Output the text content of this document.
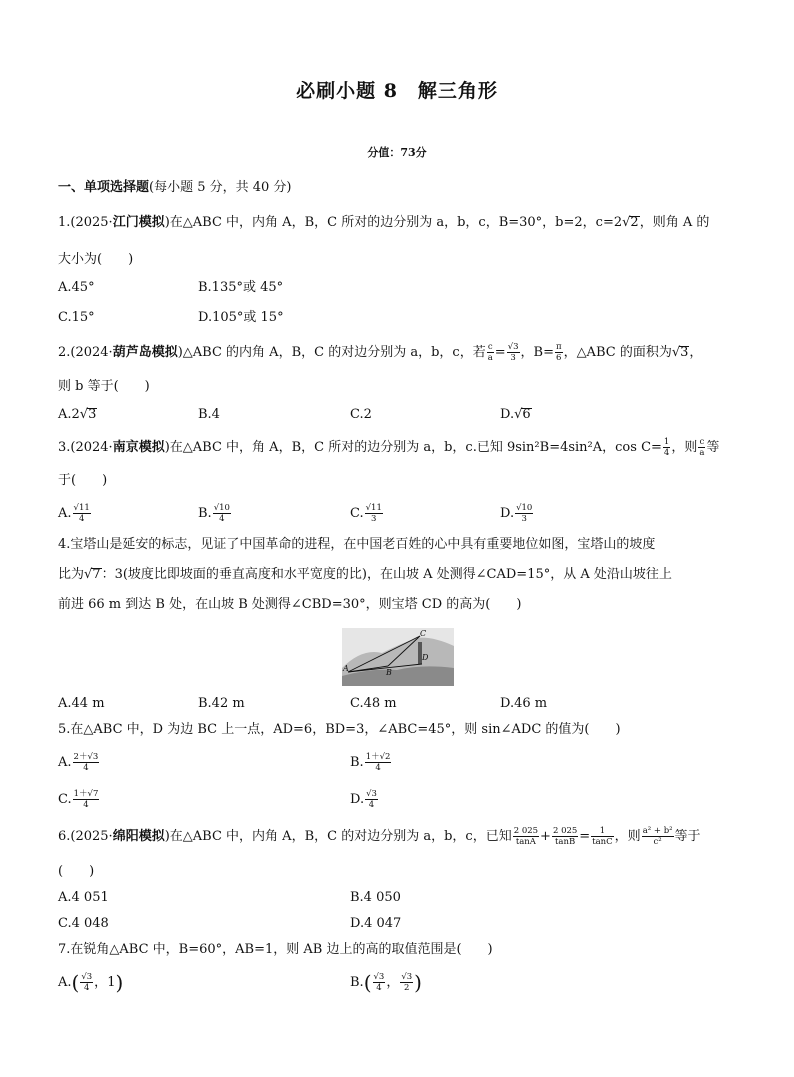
必刷小题 8　解三角形
分值：73分
一、单项选择题(每小题 5 分，共 40 分)
1.(2025·江门模拟)在△ABC 中，内角 A，B，C 所对的边分别为 a，b，c，B=30°，b=2，c=2√2，则角 A 的
大小为(　　)
A.45°	B.135°或 45°
C.15°	D.105°或 15°
2.(2024·葫芦岛模拟)△ABC 的内角 A，B，C 的对边分别为 a，b，c，若 $\frac{c}{a} = \frac{√3}{3}$ ，$B= \frac{\pi}{6}$ ，△ABC 的面积为√3，
则 b 等于(　　)
A.2√3	B.4	C.2	D.√6
3.(2024·南京模拟)在△ABC 中，角 A，B，C 所对的边分别为 a，b，c.已知 9sin²B=4sin²A，$\cos C= \frac{1}{4}$ ，则 $\frac{c}{a}$ 等
于(　　)
A. $\frac{√11}{4}$	B. $\frac{√10}{4}$	C. $\frac{√11}{3}$	D. $\frac{√10}{3}$
4.宝塔山是延安的标志，见证了中国革命的进程，在中国老百姓的心中具有重要地位如图，宝塔山的坡度
比为√7：3(坡度比即坡面的垂直高度和水平宽度的比)，在山坡 A 处测得∠CAD=15°，从 A 处沿山坡往上
前进 66 m 到达 B 处，在山坡 B 处测得∠CBD=30°，则宝塔 CD 的高为(　　)
A	B
C
D
A.44 m	B.42 m	C.48 m	D.46 m
5.在△ABC 中，D 为边 BC 上一点，AD=6，BD=3，∠ABC=45°，则 sin∠ADC 的值为(　　)
A. $\frac{2+√3}{4}$	B. $\frac{1+√2}{4}$
C. $\frac{1+√7}{4}$	D. $\frac{√3}{4}$
6.(2025·绵阳模拟)在△ABC 中，内角 A，B，C 的对边分别为 a，b，c，已知 $\frac{2 025}{\tan A} + \frac{2 025}{\tan B} = \frac{1}{\tan C}$ ，则 $\frac{\text{a² + b²}}{\text{c²}}$ 等于
(　　)
A.4 051	B.4 050
C.4 048	D.4 047
7.在锐角△ABC 中，B=60°，AB=1，则 AB 边上的高的取值范围是(　　)
$A.( \frac{√3}{4}$ ，1)	$B.( \frac{√3}{4}$ ， $\frac{√3}{2}$ )
